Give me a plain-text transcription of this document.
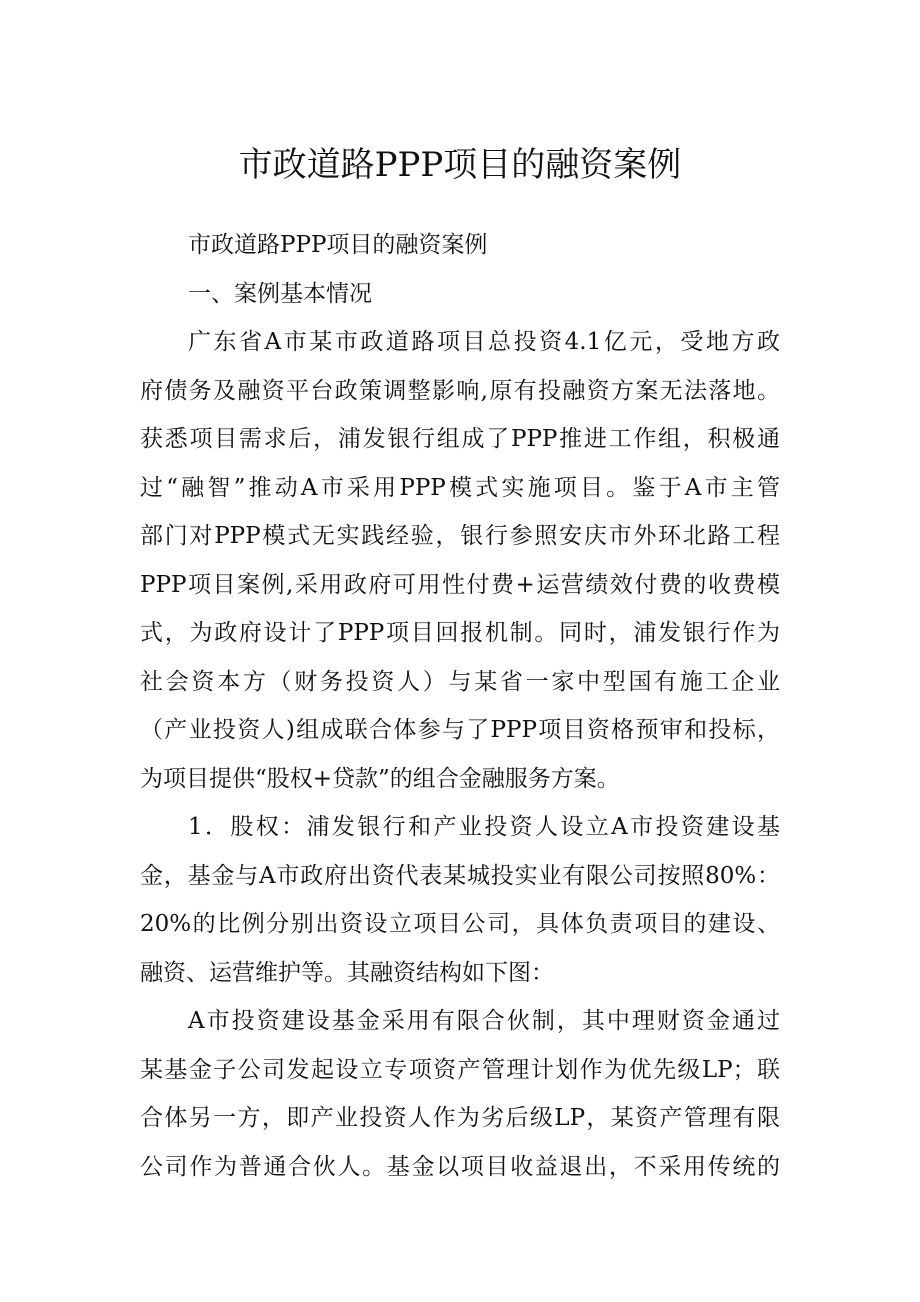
市政道路PPP项目的融资案例
市政道路PPP项目的融资案例
一、案例基本情况
广东省A市某市政道路项目总投资4.1亿元，受地方政
府债务及融资平台政策调整影响,原有投融资方案无法落地。
获悉项目需求后，浦发银行组成了PPP推进工作组，积极通
过“融智”推动A市采用PPP模式实施项目。鉴于A市主管
部门对PPP模式无实践经验，银行参照安庆市外环北路工程
PPP项目案例,采用政府可用性付费+运营绩效付费的收费模
式，为政府设计了PPP项目回报机制。同时，浦发银行作为
社会资本方（财务投资人）与某省一家中型国有施工企业
（产业投资人)组成联合体参与了PPP项目资格预审和投标，
为项目提供“股权+贷款”的组合金融服务方案。
1．股权：浦发银行和产业投资人设立A市投资建设基
金，基金与A市政府出资代表某城投实业有限公司按照80%：
20%的比例分别出资设立项目公司，具体负责项目的建设、
融资、运营维护等。其融资结构如下图：
A市投资建设基金采用有限合伙制，其中理财资金通过
某基金子公司发起设立专项资产管理计划作为优先级LP；联
合体另一方，即产业投资人作为劣后级LP，某资产管理有限
公司作为普通合伙人。基金以项目收益退出，不采用传统的
